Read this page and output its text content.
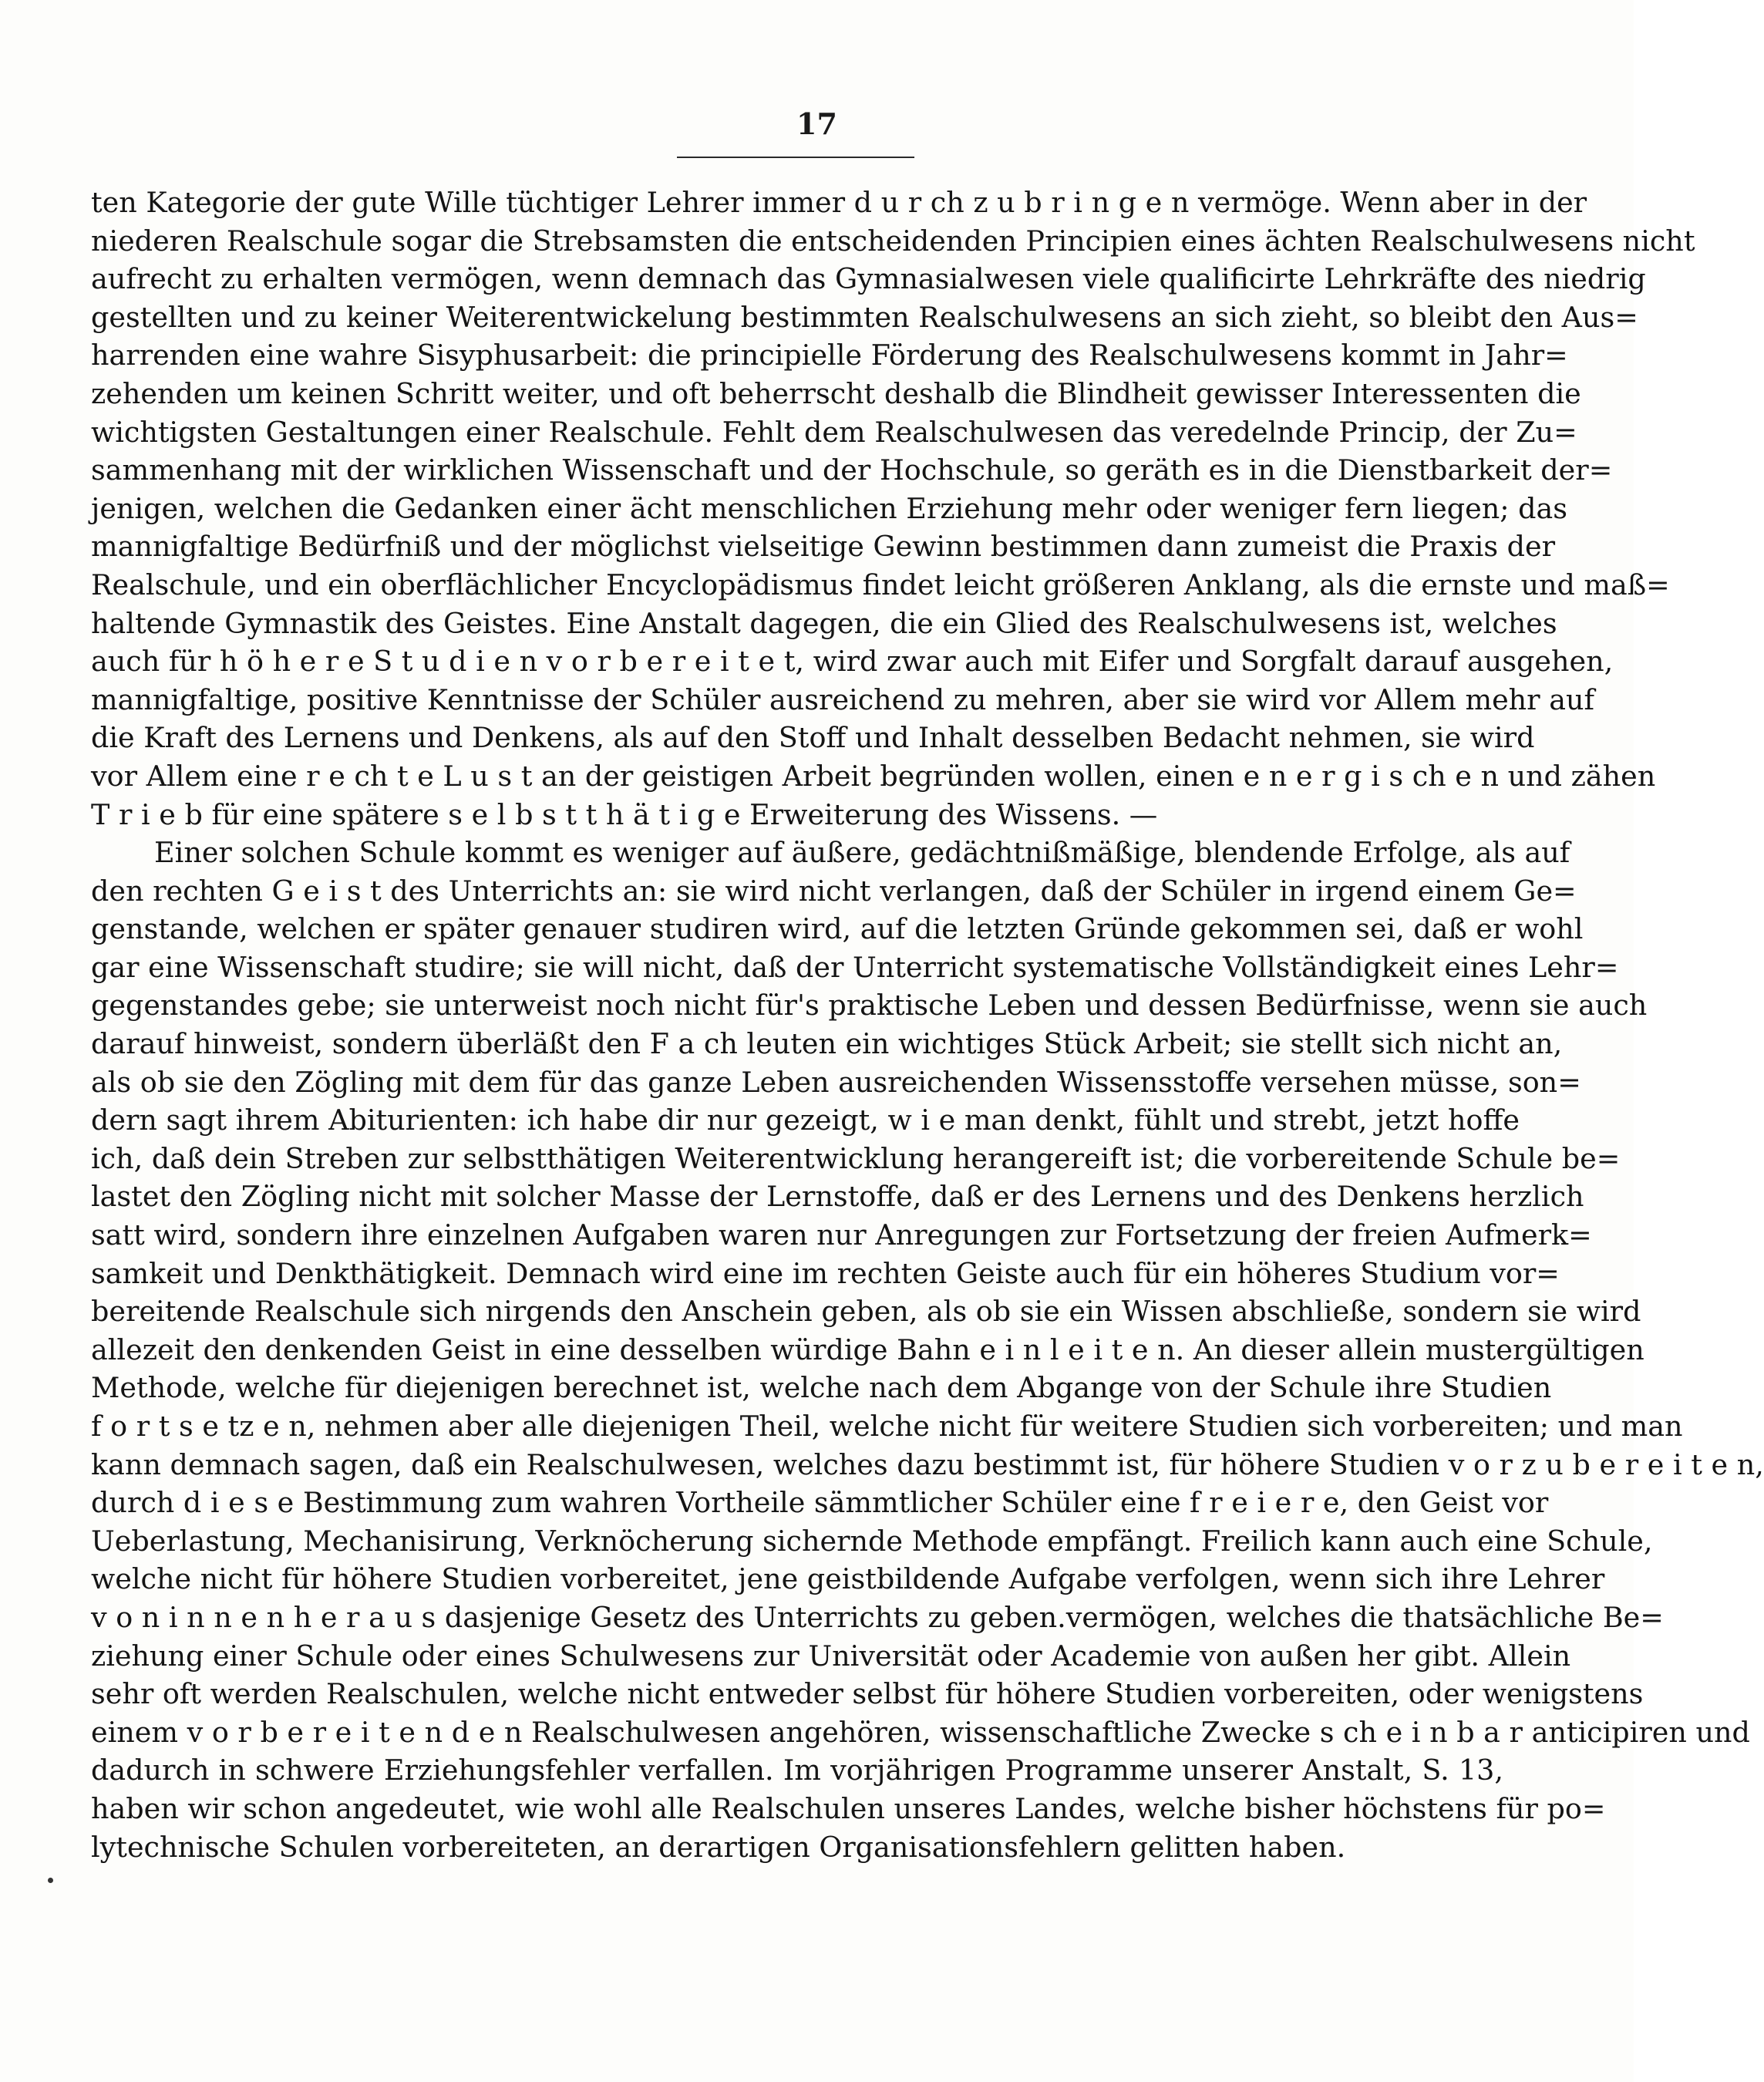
17
ten Kategorie der gute Wille tüchtiger Lehrer immer d u r ch z u b r i n g e n vermöge. Wenn aber in der
niederen Realschule sogar die Strebsamsten die entscheidenden Principien eines ächten Realschulwesens nicht
aufrecht zu erhalten vermögen, wenn demnach das Gymnasialwesen viele qualificirte Lehrkräfte des niedrig
gestellten und zu keiner Weiterentwickelung bestimmten Realschulwesens an sich zieht, so bleibt den Aus=
harrenden eine wahre Sisyphusarbeit: die principielle Förderung des Realschulwesens kommt in Jahr=
zehenden um keinen Schritt weiter, und oft beherrscht deshalb die Blindheit gewisser Interessenten die
wichtigsten Gestaltungen einer Realschule. Fehlt dem Realschulwesen das veredelnde Princip, der Zu=
sammenhang mit der wirklichen Wissenschaft und der Hochschule, so geräth es in die Dienstbarkeit der=
jenigen, welchen die Gedanken einer ächt menschlichen Erziehung mehr oder weniger fern liegen; das
mannigfaltige Bedürfniß und der möglichst vielseitige Gewinn bestimmen dann zumeist die Praxis der
Realschule, und ein oberflächlicher Encyclopädismus findet leicht größeren Anklang, als die ernste und maß=
haltende Gymnastik des Geistes. Eine Anstalt dagegen, die ein Glied des Realschulwesens ist, welches
auch für h ö h e r e S t u d i e n v o r b e r e i t e t, wird zwar auch mit Eifer und Sorgfalt darauf ausgehen,
mannigfaltige, positive Kenntnisse der Schüler ausreichend zu mehren, aber sie wird vor Allem mehr auf
die Kraft des Lernens und Denkens, als auf den Stoff und Inhalt desselben Bedacht nehmen, sie wird
vor Allem eine r e ch t e L u s t an der geistigen Arbeit begründen wollen, einen e n e r g i s ch e n und zähen
T r i e b für eine spätere s e l b s t t h ä t i g e Erweiterung des Wissens. —
Einer solchen Schule kommt es weniger auf äußere, gedächtnißmäßige, blendende Erfolge, als auf
den rechten G e i s t des Unterrichts an: sie wird nicht verlangen, daß der Schüler in irgend einem Ge=
genstande, welchen er später genauer studiren wird, auf die letzten Gründe gekommen sei, daß er wohl
gar eine Wissenschaft studire; sie will nicht, daß der Unterricht systematische Vollständigkeit eines Lehr=
gegenstandes gebe; sie unterweist noch nicht für's praktische Leben und dessen Bedürfnisse, wenn sie auch
darauf hinweist, sondern überläßt den F a ch leuten ein wichtiges Stück Arbeit; sie stellt sich nicht an,
als ob sie den Zögling mit dem für das ganze Leben ausreichenden Wissensstoffe versehen müsse, son=
dern sagt ihrem Abiturienten: ich habe dir nur gezeigt, w i e man denkt, fühlt und strebt, jetzt hoffe
ich, daß dein Streben zur selbstthätigen Weiterentwicklung herangereift ist; die vorbereitende Schule be=
lastet den Zögling nicht mit solcher Masse der Lernstoffe, daß er des Lernens und des Denkens herzlich
satt wird, sondern ihre einzelnen Aufgaben waren nur Anregungen zur Fortsetzung der freien Aufmerk=
samkeit und Denkthätigkeit. Demnach wird eine im rechten Geiste auch für ein höheres Studium vor=
bereitende Realschule sich nirgends den Anschein geben, als ob sie ein Wissen abschließe, sondern sie wird
allezeit den denkenden Geist in eine desselben würdige Bahn e i n l e i t e n. An dieser allein mustergültigen
Methode, welche für diejenigen berechnet ist, welche nach dem Abgange von der Schule ihre Studien
f o r t s e tz e n, nehmen aber alle diejenigen Theil, welche nicht für weitere Studien sich vorbereiten; und man
kann demnach sagen, daß ein Realschulwesen, welches dazu bestimmt ist, für höhere Studien v o r z u b e r e i t e n,
durch d i e s e Bestimmung zum wahren Vortheile sämmtlicher Schüler eine f r e i e r e, den Geist vor
Ueberlastung, Mechanisirung, Verknöcherung sichernde Methode empfängt. Freilich kann auch eine Schule,
welche nicht für höhere Studien vorbereitet, jene geistbildende Aufgabe verfolgen, wenn sich ihre Lehrer
v o n i n n e n h e r a u s dasjenige Gesetz des Unterrichts zu geben.vermögen, welches die thatsächliche Be=
ziehung einer Schule oder eines Schulwesens zur Universität oder Academie von außen her gibt. Allein
sehr oft werden Realschulen, welche nicht entweder selbst für höhere Studien vorbereiten, oder wenigstens
einem v o r b e r e i t e n d e n Realschulwesen angehören, wissenschaftliche Zwecke s ch e i n b a r anticipiren und
dadurch in schwere Erziehungsfehler verfallen. Im vorjährigen Programme unserer Anstalt, S. 13,
haben wir schon angedeutet, wie wohl alle Realschulen unseres Landes, welche bisher höchstens für po=
lytechnische Schulen vorbereiteten, an derartigen Organisationsfehlern gelitten haben.
